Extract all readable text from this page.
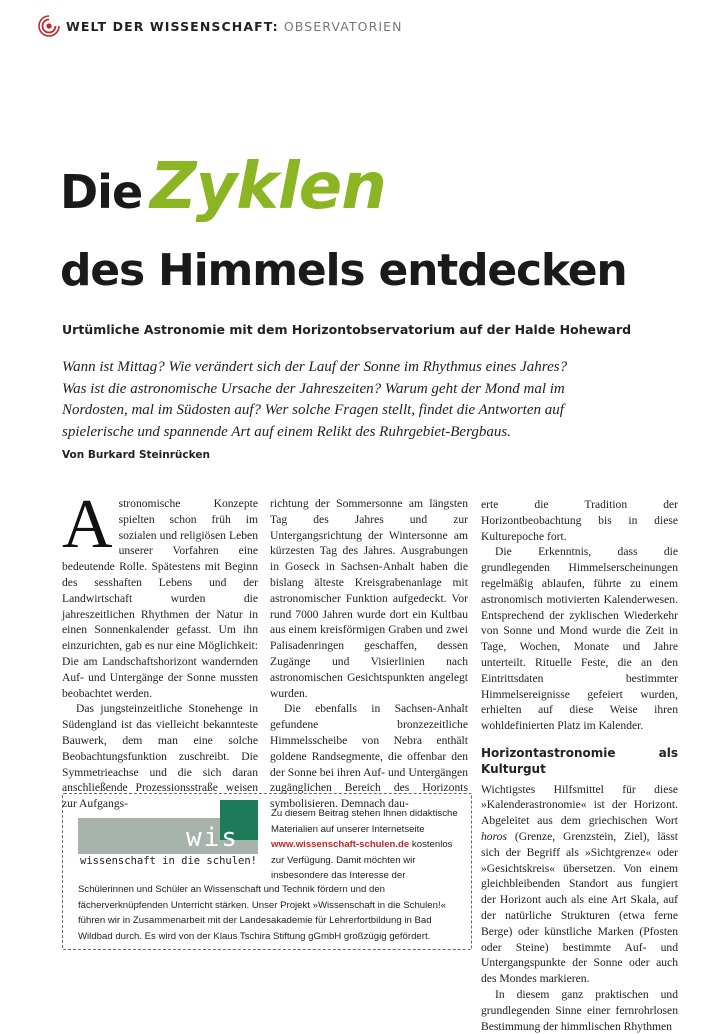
WELT DER WISSENSCHAFT: OBSERVATORIEN
Die Zyklen
des Himmels entdecken
Urtümliche Astronomie mit dem Horizontobservatorium auf der Halde Hoheward
Wann ist Mittag? Wie verändert sich der Lauf der Sonne im Rhythmus eines Jahres? Was ist die astronomische Ursache der Jahreszeiten? Warum geht der Mond mal im Nordosten, mal im Südosten auf? Wer solche Fragen stellt, findet die Antworten auf spielerische und spannende Art auf einem Relikt des Ruhrgebiet-Bergbaus.
Von Burkard Steinrücken

Astronomische Konzepte spielten schon früh im sozialen und religiösen Leben unserer Vorfahren eine bedeutende Rolle. Spätestens mit Beginn des sesshaften Lebens und der Landwirtschaft wurden die jahreszeitlichen Rhythmen der Natur in einen Sonnenkalender gefasst. Um ihn einzurichten, gab es nur eine Möglichkeit: Die am Landschaftshorizont wandernden Auf- und Untergänge der Sonne mussten beobachtet werden.

Das jungsteinzeitliche Stonehenge in Südengland ist das vielleicht bekannteste Bauwerk, dem man eine solche Beobachtungsfunktion zuschreibt. Die Symmetrieachse und die sich daran anschließende Prozessionsstraße weisen zur Aufgangs-

richtung der Sommersonne am längsten Tag des Jahres und zur Untergangsrichtung der Wintersonne am kürzesten Tag des Jahres. Ausgrabungen in Goseck in Sachsen-Anhalt haben die bislang älteste Kreisgrabenanlage mit astronomischer Funktion aufgedeckt. Vor rund 7000 Jahren wurde dort ein Kultbau aus einem kreisförmigen Graben und zwei Palisadenringen geschaffen, dessen Zugänge und Visierlinien nach astronomischen Gesichtspunkten angelegt wurden.

Die ebenfalls in Sachsen-Anhalt gefundene bronzezeitliche Himmelsscheibe von Nebra enthält goldene Randsegmente, die offenbar den der Sonne bei ihren Auf- und Untergängen zugänglichen Bereich des Horizonts symbolisieren. Demnach dau-

erte die Tradition der Horizontbeobachtung bis in diese Kulturepoche fort.

Die Erkenntnis, dass die grundlegenden Himmelserscheinungen regelmäßig ablaufen, führte zu einem astronomisch motivierten Kalenderwesen. Entsprechend der zyklischen Wiederkehr von Sonne und Mond wurde die Zeit in Tage, Wochen, Monate und Jahre unterteilt. Rituelle Feste, die an den Eintrittsdaten bestimmter Himmelsereignisse gefeiert wurden, erhielten auf diese Weise ihren wohldefinierten Platz im Kalender.

Horizontastronomie als Kulturgut

Wichtigstes Hilfsmittel für diese »Kalenderastronomie« ist der Horizont. Abgeleitet aus dem griechischen Wort horos (Grenze, Grenzstein, Ziel), lässt sich der Begriff als »Sichtgrenze« oder »Gesichtskreis« übersetzen. Von einem gleichbleibenden Standort aus fungiert der Horizont auch als eine Art Skala, auf der natürliche Strukturen (etwa ferne Berge) oder künstliche Marken (Pfosten oder Steine) bestimmte Auf- und Untergangspunkte der Sonne oder auch des Mondes markieren.

In diesem ganz praktischen und grundlegenden Sinne einer fernrohrlosen Bestimmung der himmlischen Rhythmen

wis
wissenschaft in die schulen!
Zu diesem Beitrag stehen Ihnen didaktische Materialien auf unserer Internetseite www.wissenschaft-schulen.de kostenlos zur Verfügung. Damit möchten wir insbesondere das Interesse der
Schülerinnen und Schüler an Wissenschaft und Technik fördern und den fächerverknüpfenden Unterricht stärken. Unser Projekt »Wissenschaft in die Schulen!« führen wir in Zusammenarbeit mit der Landesakademie für Lehrerfortbildung in Bad Wildbad durch. Es wird von der Klaus Tschira Stiftung gGmbH großzügig gefördert.
